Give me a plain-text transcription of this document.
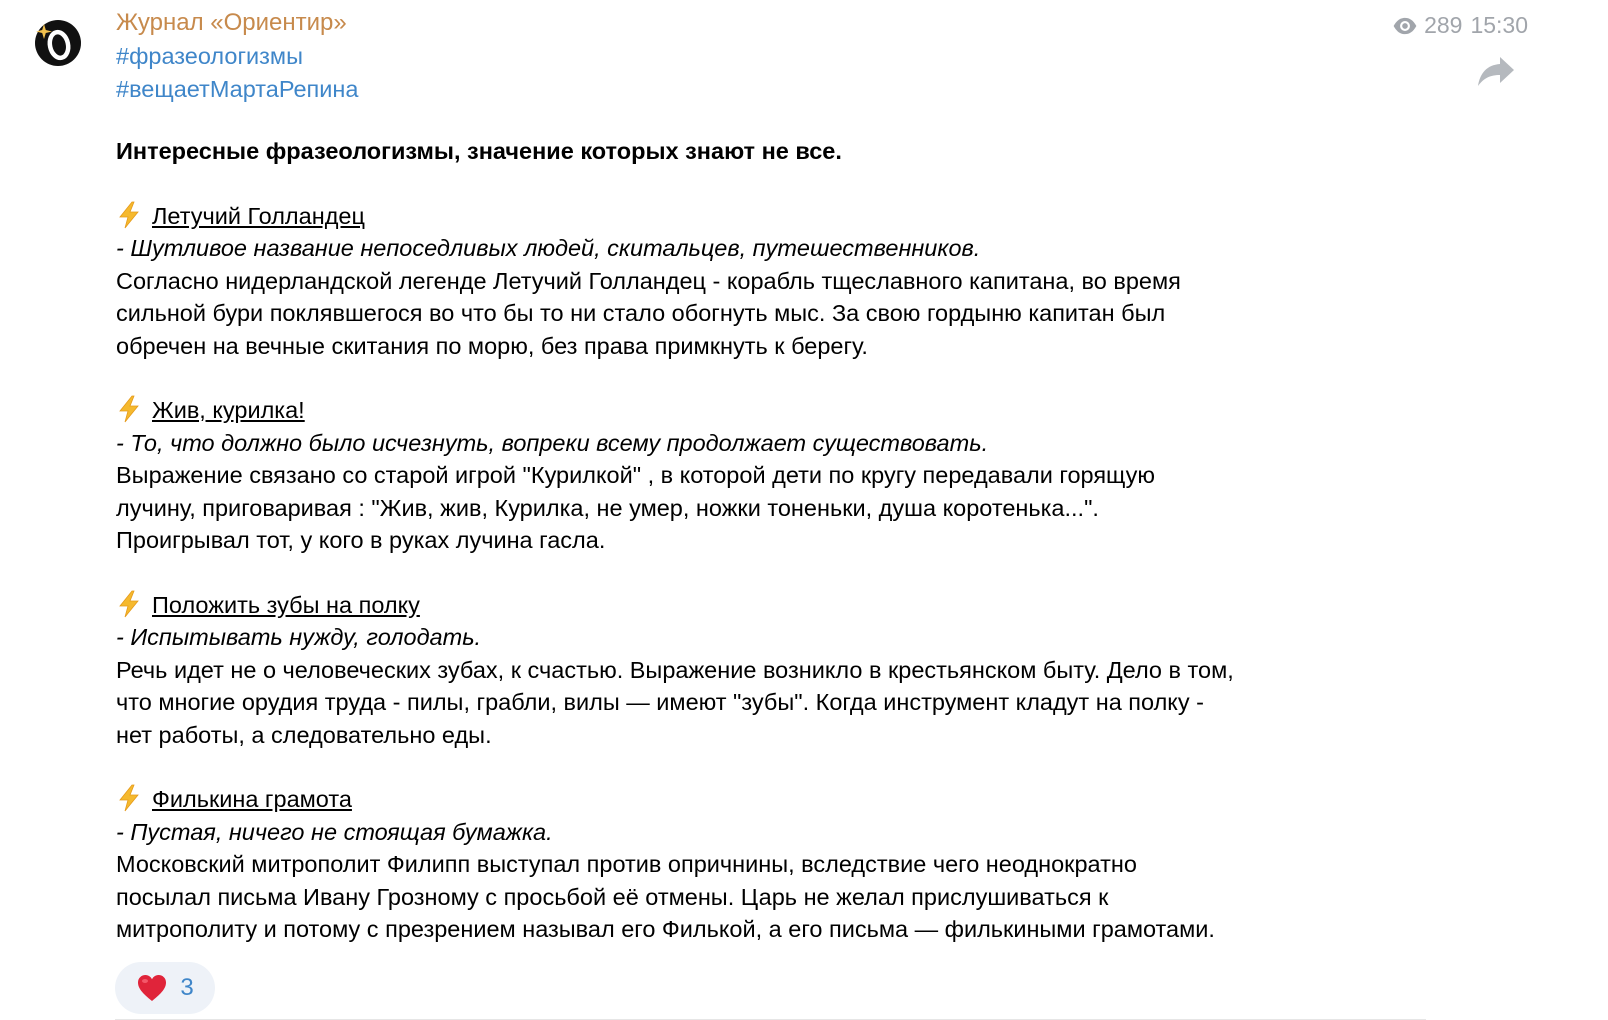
289 15:30
Журнал «Ориентир»
#фразеологизмы
#вещаетМартаРепина
Интересные фразеологизмы, значение которых знают не все.
Летучий Голландец
- Шутливое название непоседливых людей, скитальцев, путешественников.
Согласно нидерландской легенде Летучий Голландец - корабль тщеславного капитана, во время
сильной бури поклявшегося во что бы то ни стало обогнуть мыс. За свою гордыню капитан был
обречен на вечные скитания по морю, без права примкнуть к берегу.
Жив, курилка!
- То, что должно было исчезнуть, вопреки всему продолжает существовать.
Выражение связано со старой игрой "Курилкой" , в которой дети по кругу передавали горящую
лучину, приговаривая : "Жив, жив, Курилка, не умер, ножки тоненьки, душа коротенька...".
Проигрывал тот, у кого в руках лучина гасла.
Положить зубы на полку
- Испытывать нужду, голодать.
Речь идет не о человеческих зубах, к счастью. Выражение возникло в крестьянском быту. Дело в том,
что многие орудия труда - пилы, грабли, вилы — имеют "зубы". Когда инструмент кладут на полку -
нет работы, а следовательно еды.
Филькина грамота
- Пустая, ничего не стоящая бумажка.
Московский митрополит Филипп выступал против опричнины, вследствие чего неоднократно
посылал письма Ивану Грозному с просьбой её отмены. Царь не желал прислушиваться к
митрополиту и потому с презрением называл его Филькой, а его письма — филькиными грамотами.
3
